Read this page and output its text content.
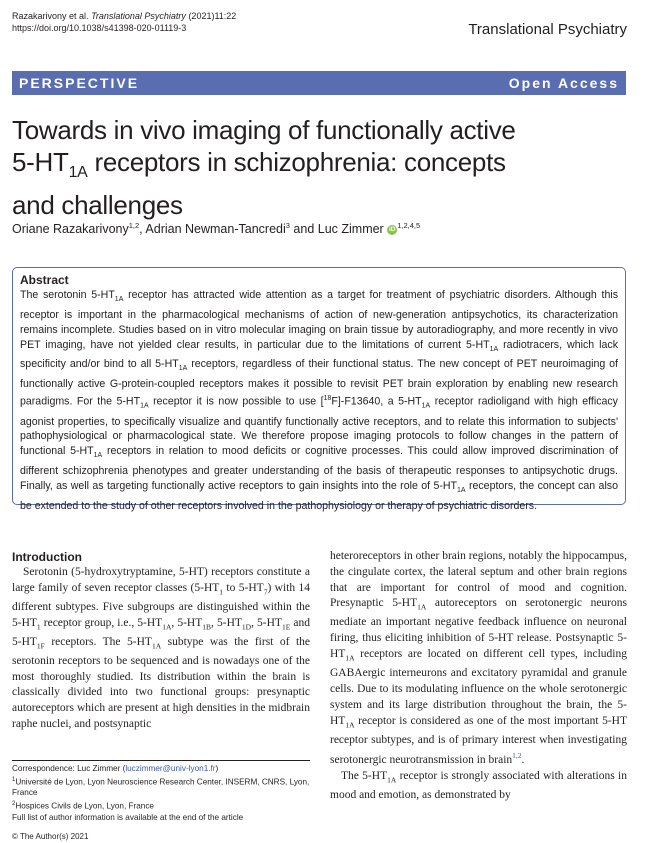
Razakarivony et al. Translational Psychiatry (2021)11:22
https://doi.org/10.1038/s41398-020-01119-3	Translational Psychiatry
PERSPECTIVE	Open Access
Towards in vivo imaging of functionally active
$5-HT_{1A}$ receptors in schizophrenia: concepts
and challenges
Oriane Razakarivony$^{1,2}$, Adrian Newman-Tancredi$^3$ and Luc Zimmer iD $^{1,2,4,5}$
Abstract

The serotonin $5-HT_{1A}$ receptor has attracted wide attention as a target for treatment of psychiatric disorders. Although this receptor is important in the pharmacological mechanisms of action of new-generation antipsychotics, its characterization remains incomplete. Studies based on in vitro molecular imaging on brain tissue by autoradiography, and more recently in vivo PET imaging, have not yielded clear results, in particular due to the limitations of current $5-HT_{1A}$ radiotracers, which lack specificity and/or bind to all $5-HT_{1A}$ receptors, regardless of their functional status. The new concept of PET neuroimaging of functionally active G-protein-coupled receptors makes it possible to revisit PET brain exploration by enabling new research paradigms. For the $5-HT_{1A}$ receptor it is now possible to use [$^{18}$F]-F13640, a $5-HT_{1A}$ receptor radioligand with high efficacy agonist properties, to specifically visualize and quantify functionally active receptors, and to relate this information to subjects' pathophysiological or pharmacological state. We therefore propose imaging protocols to follow changes in the pattern of functional $5-HT_{1A}$ receptors in relation to mood deficits or cognitive processes. This could allow improved discrimination of different schizophrenia phenotypes and greater understanding of the basis of therapeutic responses to antipsychotic drugs. Finally, as well as targeting functionally active receptors to gain insights into the role of $5-HT_{1A}$ receptors, the concept can also be extended to the study of other receptors involved in the pathophysiology or therapy of psychiatric disorders.

Introduction

Serotonin (5-hydroxytryptamine, 5-HT) receptors constitute a large family of seven receptor classes ($5-HT_1$ to $5-HT_7$) with 14 different subtypes. Five subgroups are distinguished within the $5-HT_1$ receptor group, i.e., $5-HT_{1A}$, $5-HT_{1B}$, $5-HT_{1D}$, $5-HT_{1E}$ and $5-HT_{1F}$ receptors. The $5-HT_{1A}$ subtype was the first of the serotonin receptors to be sequenced and is nowadays one of the most thoroughly studied. Its distribution within the brain is classically divided into two functional groups: presynaptic autoreceptors which are present at high densities in the midbrain raphe nuclei, and postsynaptic

Correspondence: Luc Zimmer (luczimmer@univ-lyon1.fr)
$^1$Université de Lyon, Lyon Neuroscience Research Center, INSERM, CNRS, Lyon, France
$^2$Hospices Civils de Lyon, Lyon, France
Full list of author information is available at the end of the article
© The Author(s) 2021

heteroreceptors in other brain regions, notably the hippocampus, the cingulate cortex, the lateral septum and other brain regions that are important for control of mood and cognition. Presynaptic $5-HT_{1A}$ autoreceptors on serotonergic neurons mediate an important negative feedback influence on neuronal firing, thus eliciting inhibition of 5-HT release. Postsynaptic $5-HT_{1A}$ receptors are located on different cell types, including GABAergic interneurons and excitatory pyramidal and granule cells. Due to its modulating influence on the whole serotonergic system and its large distribution throughout the brain, the $5-HT_{1A}$ receptor is considered as one of the most important 5-HT receptor subtypes, and is of primary interest when investigating serotonergic neurotransmission in brain$^{1,2}$.

The $5-HT_{1A}$ receptor is strongly associated with alterations in mood and emotion, as demonstrated by
